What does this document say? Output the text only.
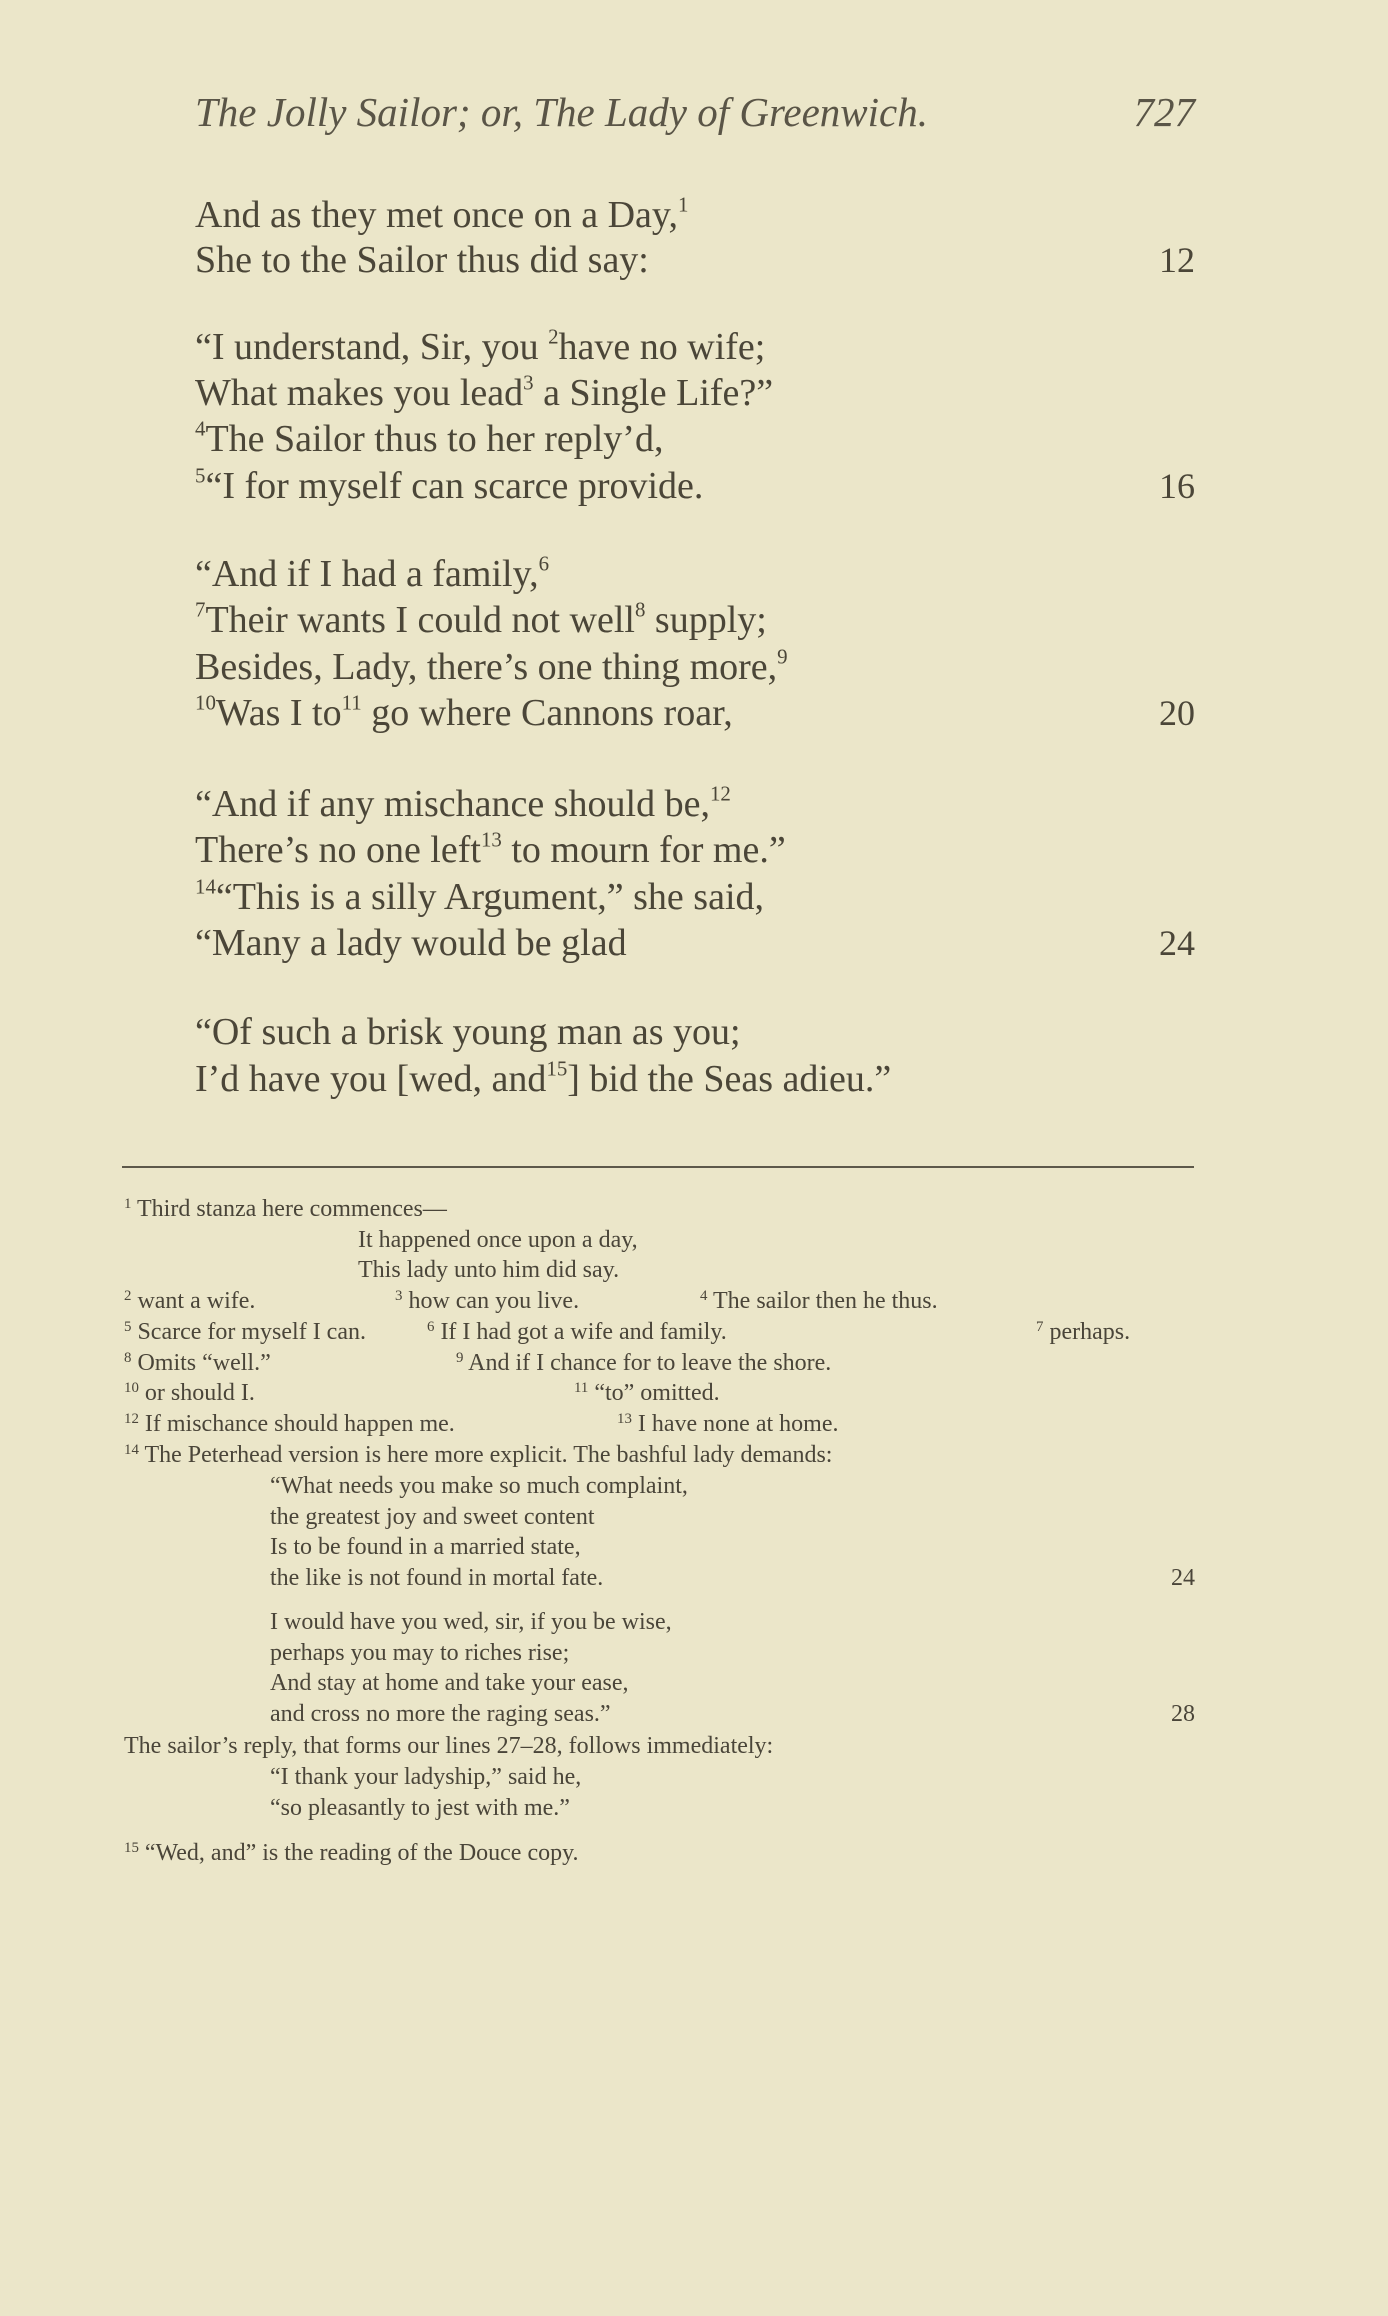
The Jolly Sailor; or, The Lady of Greenwich.	727
And as they met once on a Day,$^1$
She to the Sailor thus did say:	12
“I understand, Sir, you $^2$have no wife;
What makes you lead$^3$ a Single Life?”
$^4$The Sailor thus to her reply’d,
$^5$“I for myself can scarce provide.	16
“And if I had a family,$^6$
$^7$Their wants I could not well$^8$ supply;
Besides, Lady, there’s one thing more,$^9$
$^{10}$Was I $to^{11}$ go where Cannons roar,	20
“And if any mischance should be,$^{12}$
There’s no one left$^{13}$ to mourn for me.”
$^{14}$“This is a silly Argument,” she said,
“Many a lady would be glad	24
“Of such a brisk young man as you;
I’d have you [wed, and$^{15}$] bid the Seas adieu.”
$^1$ Third stanza here commences—
It happened once upon a day,
This lady unto him did say.
$^2$ want a wife.	$^3$ how can you live.	$^4$ The sailor then he thus.
$^5$ Scarce for myself I can.	$^6$ If I had got a wife and family.	$^7$ perhaps.
$^8$ Omits “well.”	$^9$ And if I chance for to leave the shore.
$^{10}$ or should I.	$^{11}$ “to” omitted.
$^{12}$ If mischance should happen me.	$^{13}$ I have none at home.
$^{14}$ The Peterhead version is here more explicit. The bashful lady demands:
“What needs you make so much complaint,
the greatest joy and sweet content
Is to be found in a married state,
the like is not found in mortal fate.	24
I would have you wed, sir, if you be wise,
perhaps you may to riches rise;
And stay at home and take your ease,
and cross no more the raging seas.”	28
The sailor’s reply, that forms our lines 27–28, follows immediately:
“I thank your ladyship,” said he,
“so pleasantly to jest with me.”
$^{15}$ “Wed, and” is the reading of the Douce copy.
